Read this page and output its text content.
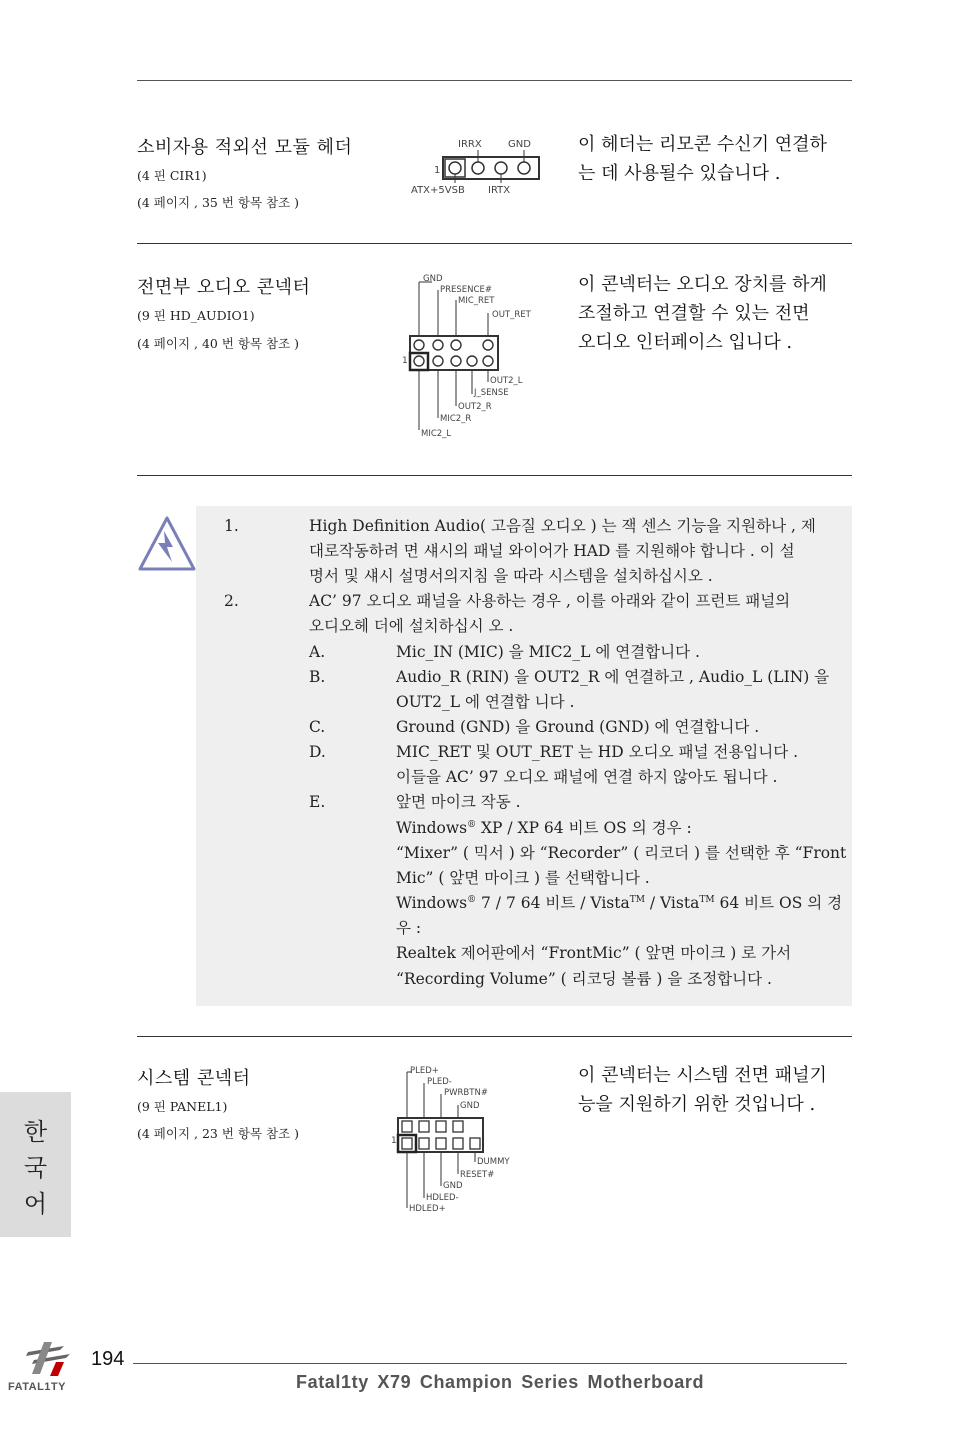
소비자용 적외선 모듈 헤더
(4 핀 CIR1)
(4 페이지 , 35 번 항목 참조 )
IRRX	GND
1
ATX+5VSB IRTX
이 헤더는 리모콘 수신기 연결하
는 데 사용될수 있습니다 .
전면부 오디오 콘넥터
(9 핀 HD_AUDIO1)
(4 페이지 , 40 번 항목 참조 )
GND
PRESENCE#
MIC_RET
OUT_RET
1
OUT2_L
J_SENSE
OUT2_R
MIC2_R
MIC2_L
이 콘넥터는 오디오 장치를 하게
조절하고 연결할 수 있는 전면
오디오 인터페이스 입니다 .
1.	High Definition Audio( 고음질 오디오 ) 는 잭 센스 기능을 지원하나 , 제
대로작동하려 면 섀시의 패널 와이어가 HAD 를 지원해야 합니다 . 이 설
명서 및 섀시 설명서의지침 을 따라 시스템을 설치하십시오 .
2.	AC’ 97 오디오 패널을 사용하는 경우 , 이를 아래와 같이 프런트 패널의
오디오헤 더에 설치하십시 오 .
A.	Mic_IN (MIC) 을 MIC2_L 에 연결합니다 .
B.	Audio_R (RIN) 을 OUT2_R 에 연결하고 , Audio_L (LIN) 을
OUT2_L 에 연결합 니다 .
C.	Ground (GND) 을 Ground (GND) 에 연결합니다 .
D.	MIC_RET 및 OUT_RET 는 HD 오디오 패널 전용입니다 .
이들을 AC’ 97 오디오 패널에 연결 하지 않아도 됩니다 .
E.	앞면 마이크 작동 .
Windows® XP / XP 64 비트 OS 의 경우 :
“Mixer” ( 믹서 ) 와 “Recorder” ( 리코더 ) 를 선택한 후 “Front
Mic” ( 앞면 마이크 ) 를 선택합니다 .
Windows® 7 / 7 64 비트 / Vista™ / Vista™ 64 비트 OS 의 경
우 :
Realtek 제어판에서 “FrontMic” ( 앞면 마이크 ) 로 가서
“Recording Volume” ( 리코딩 볼륨 ) 을 조정합니다 .
시스템 콘넥터
(9 핀 PANEL1)
(4 페이지 , 23 번 항목 참조 )
PLED+
PLED-
PWRBTN#
GND
1
DUMMY
RESET#
GND
HDLED-
HDLED+
이 콘넥터는 시스템 전면 패널기
능을 지원하기 위한 것입니다 .
한
국
어
FATAL1TY
194
Fatal1ty X79 Champion Series Motherboard
